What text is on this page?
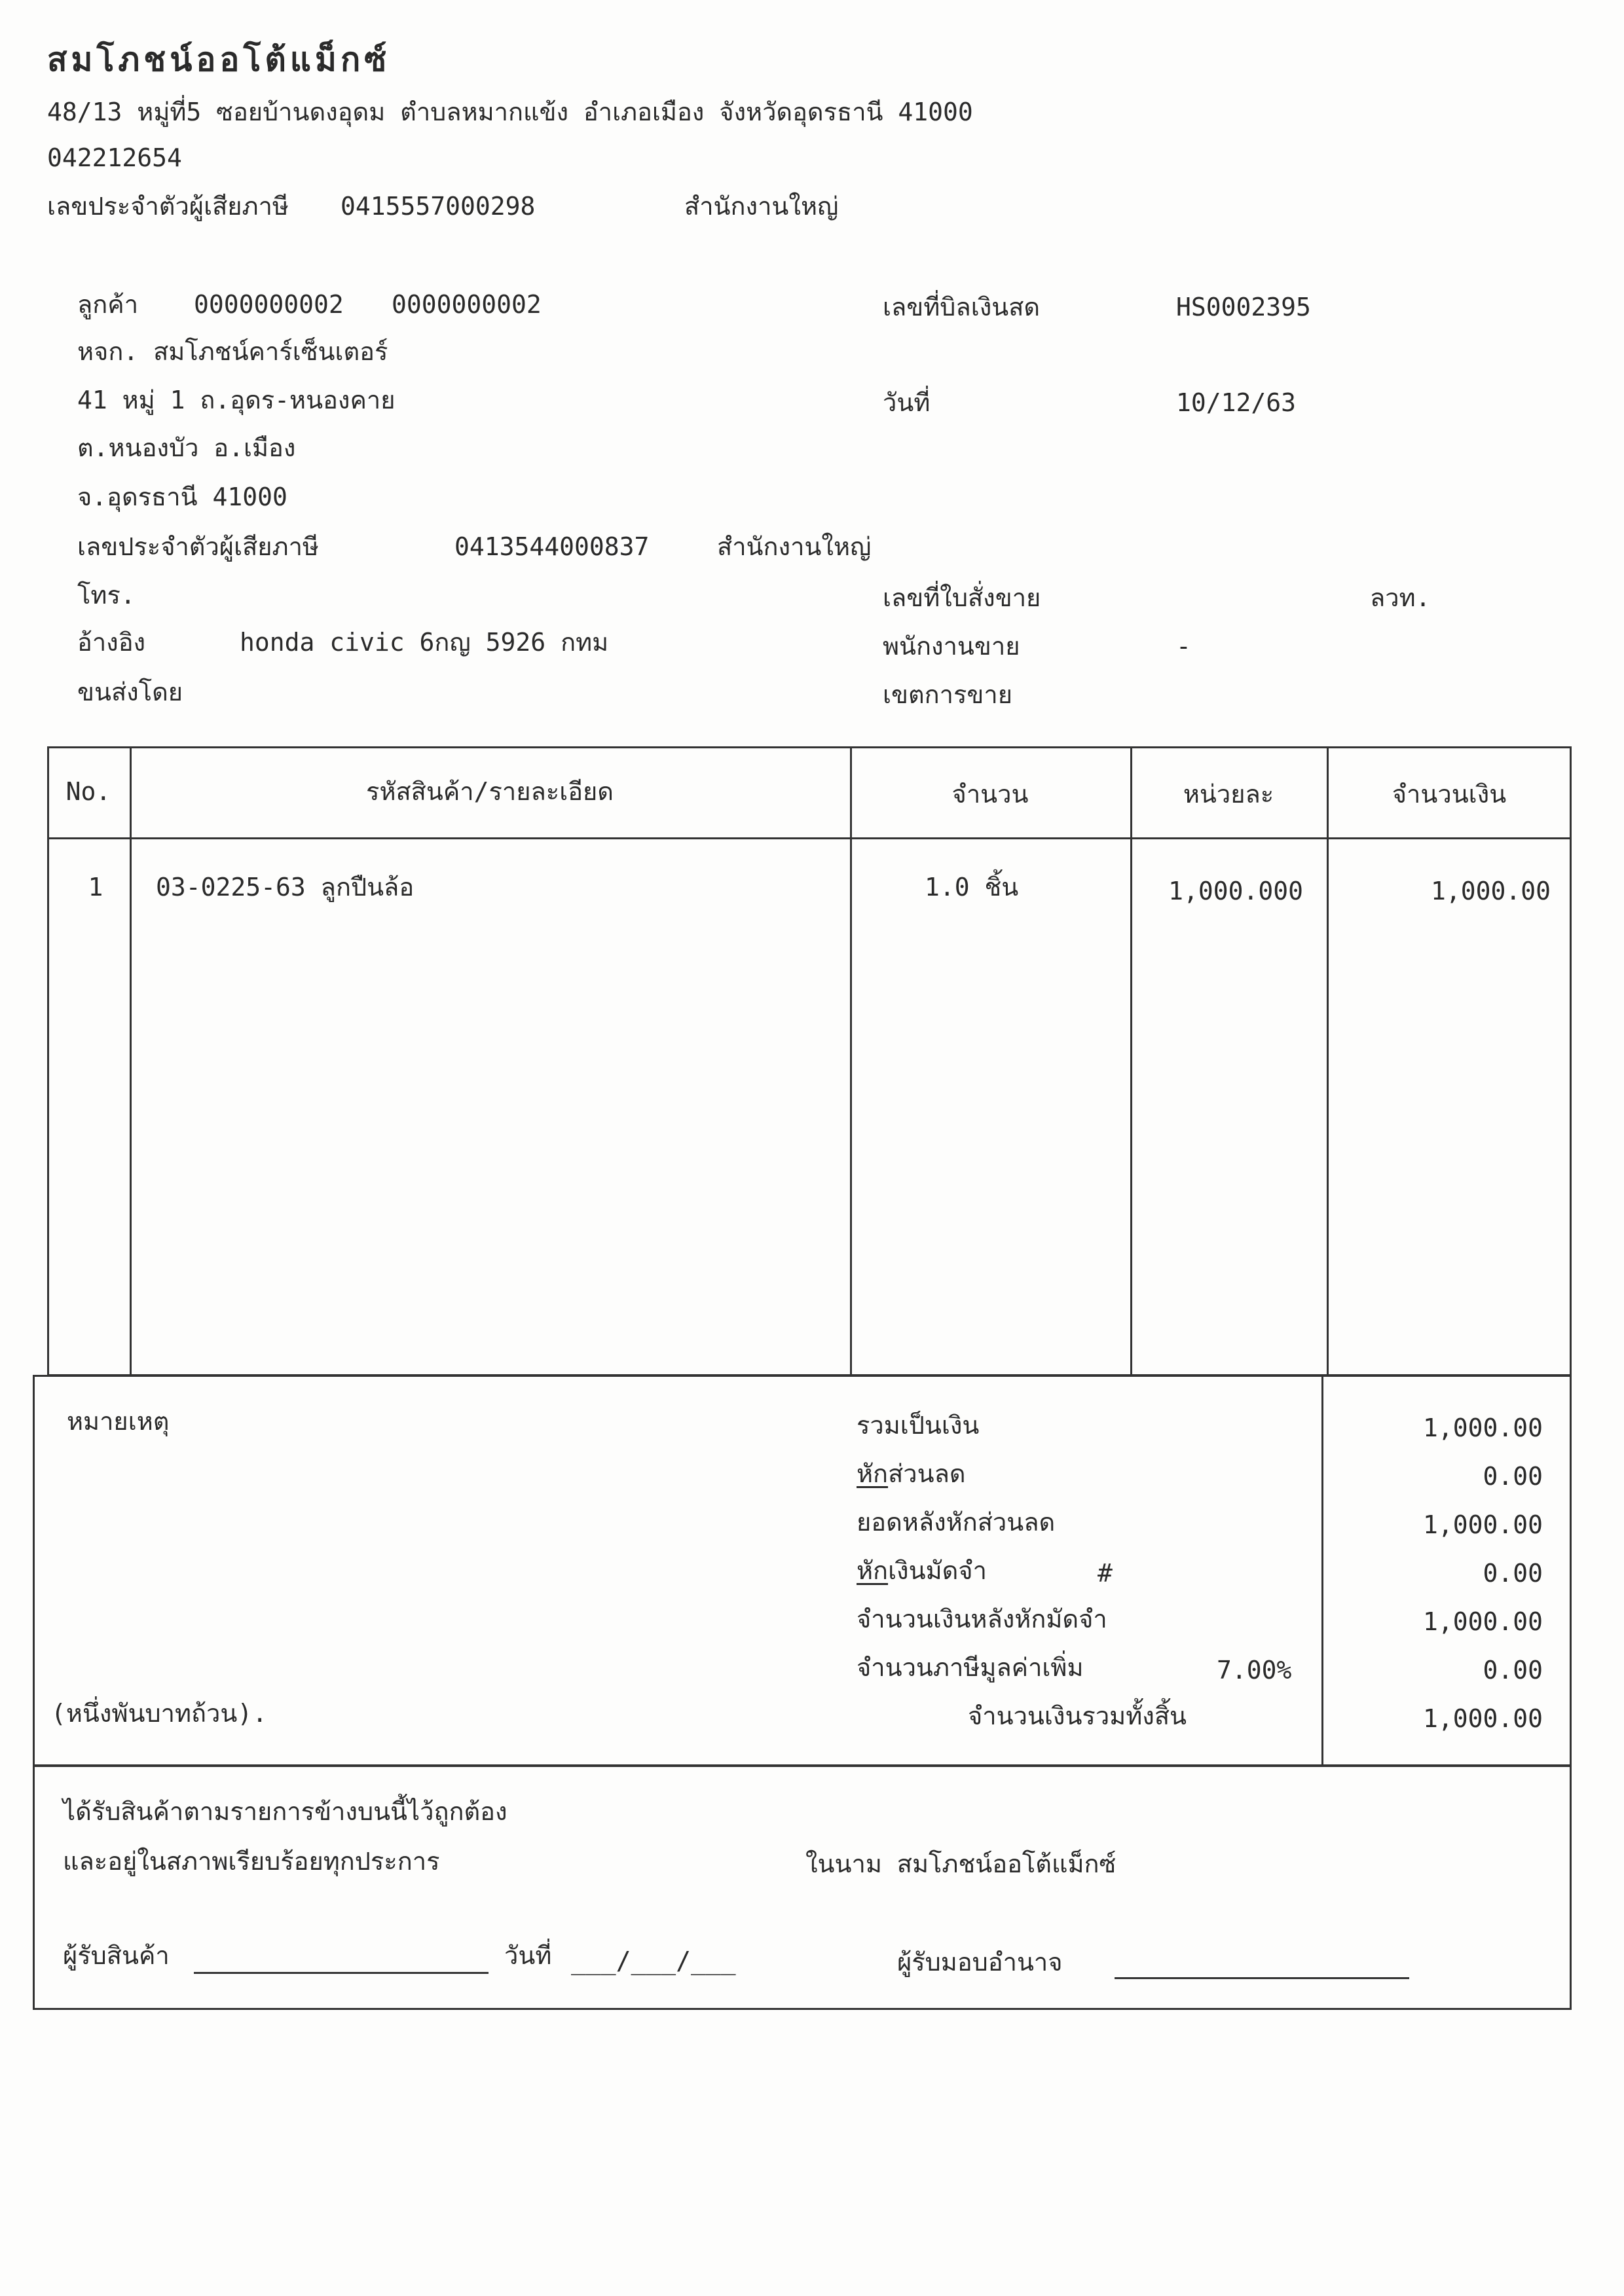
สมโภชน์ออโต้แม็กซ์
48/13 หมู่ที่5 ซอยบ้านดงอุดม ตำบลหมากแข้ง อำเภอเมือง จังหวัดอุดรธานี 41000
042212654
เลขประจำตัวผู้เสียภาษี 0415557000298	สำนักงานใหญ่
ลูกค้า 0000000002 0000000002
หจก. สมโภชน์คาร์เซ็นเตอร์
41 หมู่ 1 ถ.อุดร-หนองคาย
ต.หนองบัว อ.เมือง
จ.อุดรธานี 41000
เลขประจำตัวผู้เสียภาษี	0413544000837	สำนักงานใหญ่
โทร.
อ้างอิง	honda civic 6กญ 5926 กทม
ขนส่งโดย
เลขที่บิลเงินสด	HS0002395
วันที่	10/12/63
เลขที่ใบสั่งขาย	ลวท.
พนักงานขาย	-
เขตการขาย
No.	รหัสสินค้า/รายละเอียด	จำนวน	หน่วยละ	จำนวนเงิน
1	03-0225-63 ลูกปืนล้อ	1.0 ชิ้น	1,000.000	1,000.00
หมายเหตุ
(หนึ่งพันบาทถ้วน).
รวมเป็นเงิน	1,000.00
หักส่วนลด	0.00
ยอดหลังหักส่วนลด	1,000.00
หักเงินมัดจำ	#	0.00
จำนวนเงินหลังหักมัดจำ	1,000.00
จำนวนภาษีมูลค่าเพิ่ม	7.00%	0.00
จำนวนเงินรวมทั้งสิ้น	1,000.00
ได้รับสินค้าตามรายการข้างบนนี้ไว้ถูกต้อง
และอยู่ในสภาพเรียบร้อยทุกประการ	ในนาม สมโภชน์ออโต้แม็กซ์
ผู้รับสินค้า	วันที่ ___/___/___	ผู้รับมอบอำนาจ
